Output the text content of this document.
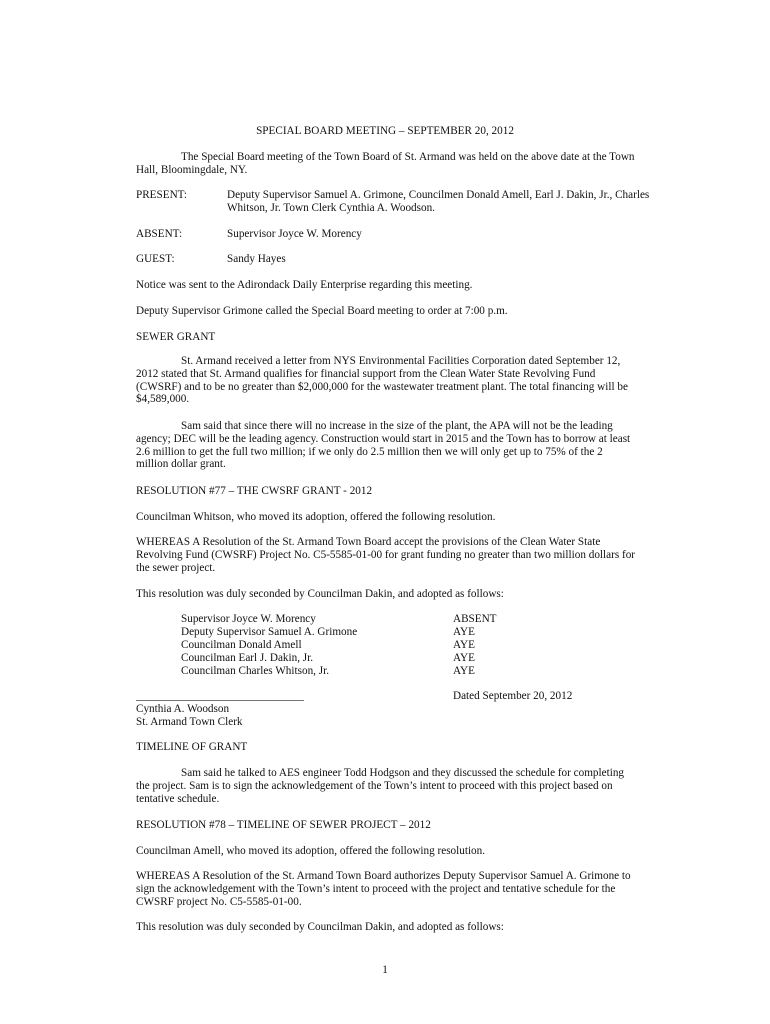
SPECIAL BOARD MEETING – SEPTEMBER 20, 2012

The Special Board meeting of the Town Board of St. Armand was held on the above date at the Town Hall, Bloomingdale, NY.

PRESENT:	Deputy Supervisor Samuel A. Grimone, Councilmen Donald Amell, Earl J. Dakin, Jr., Charles Whitson, Jr. Town Clerk Cynthia A. Woodson.
ABSENT:	Supervisor Joyce W. Morency
GUEST:	Sandy Hayes

Notice was sent to the Adirondack Daily Enterprise regarding this meeting.

Deputy Supervisor Grimone called the Special Board meeting to order at 7:00 p.m.

SEWER GRANT

St. Armand received a letter from NYS Environmental Facilities Corporation dated September 12, 2012 stated that St. Armand qualifies for financial support from the Clean Water State Revolving Fund (CWSRF) and to be no greater than $2,000,000 for the wastewater treatment plant. The total financing will be $4,589,000.

Sam said that since there will no increase in the size of the plant, the APA will not be the leading agency; DEC will be the leading agency. Construction would start in 2015 and the Town has to borrow at least 2.6 million to get the full two million; if we only do 2.5 million then we will only get up to 75% of the 2 million dollar grant.

RESOLUTION #77 – THE CWSRF GRANT - 2012

Councilman Whitson, who moved its adoption, offered the following resolution.

WHEREAS A Resolution of the St. Armand Town Board accept the provisions of the Clean Water State Revolving Fund (CWSRF) Project No. C5-5585-01-00 for grant funding no greater than two million dollars for the sewer project.

This resolution was duly seconded by Councilman Dakin, and adopted as follows:

Supervisor Joyce W. Morency	ABSENT
Deputy Supervisor Samuel A. Grimone	AYE
Councilman Donald Amell	AYE
Councilman Earl J. Dakin, Jr.	AYE
Councilman Charles Whitson, Jr.	AYE
______________________________	Dated September 20, 2012
Cynthia A. Woodson
St. Armand Town Clerk

TIMELINE OF GRANT

Sam said he talked to AES engineer Todd Hodgson and they discussed the schedule for completing the project. Sam is to sign the acknowledgement of the Town’s intent to proceed with this project based on tentative schedule.

RESOLUTION #78 – TIMELINE OF SEWER PROJECT – 2012

Councilman Amell, who moved its adoption, offered the following resolution.

WHEREAS A Resolution of the St. Armand Town Board authorizes Deputy Supervisor Samuel A. Grimone to sign the acknowledgement with the Town’s intent to proceed with the project and tentative schedule for the CWSRF project No. C5-5585-01-00.

This resolution was duly seconded by Councilman Dakin, and adopted as follows:

1
